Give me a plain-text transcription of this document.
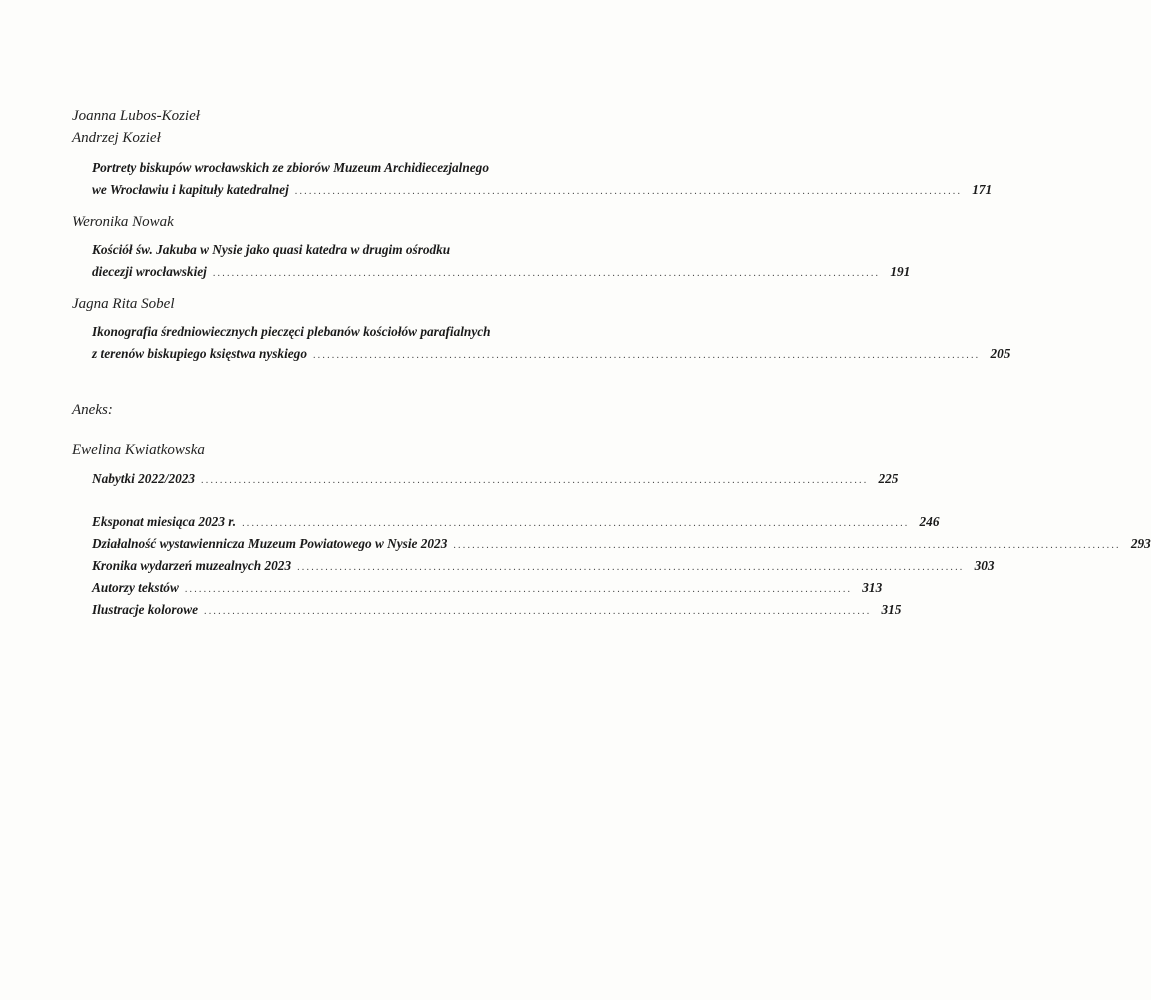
Joanna Lubos-Kozieł
Andrzej Kozieł
Portrety biskupów wrocławskich ze zbiorów Muzeum Archidiecezjalnego
we Wrocławiu i kapituły katedralnej .............................................................................................................................................. 171
Weronika Nowak
Kościół św. Jakuba w Nysie jako quasi katedra w drugim ośrodku
diecezji wrocławskiej .............................................................................................................................................. 191
Jagna Rita Sobel
Ikonografia średniowiecznych pieczęci plebanów kościołów parafialnych
z terenów biskupiego księstwa nyskiego .............................................................................................................................................. 205
Aneks:
Ewelina Kwiatkowska
Nabytki 2022/2023 .............................................................................................................................................. 225
Eksponat miesiąca 2023 r. .............................................................................................................................................. 246
Działalność wystawiennicza Muzeum Powiatowego w Nysie 2023 .............................................................................................................................................. 293
Kronika wydarzeń muzealnych 2023 .............................................................................................................................................. 303
Autorzy tekstów .............................................................................................................................................. 313
Ilustracje kolorowe .............................................................................................................................................. 315
